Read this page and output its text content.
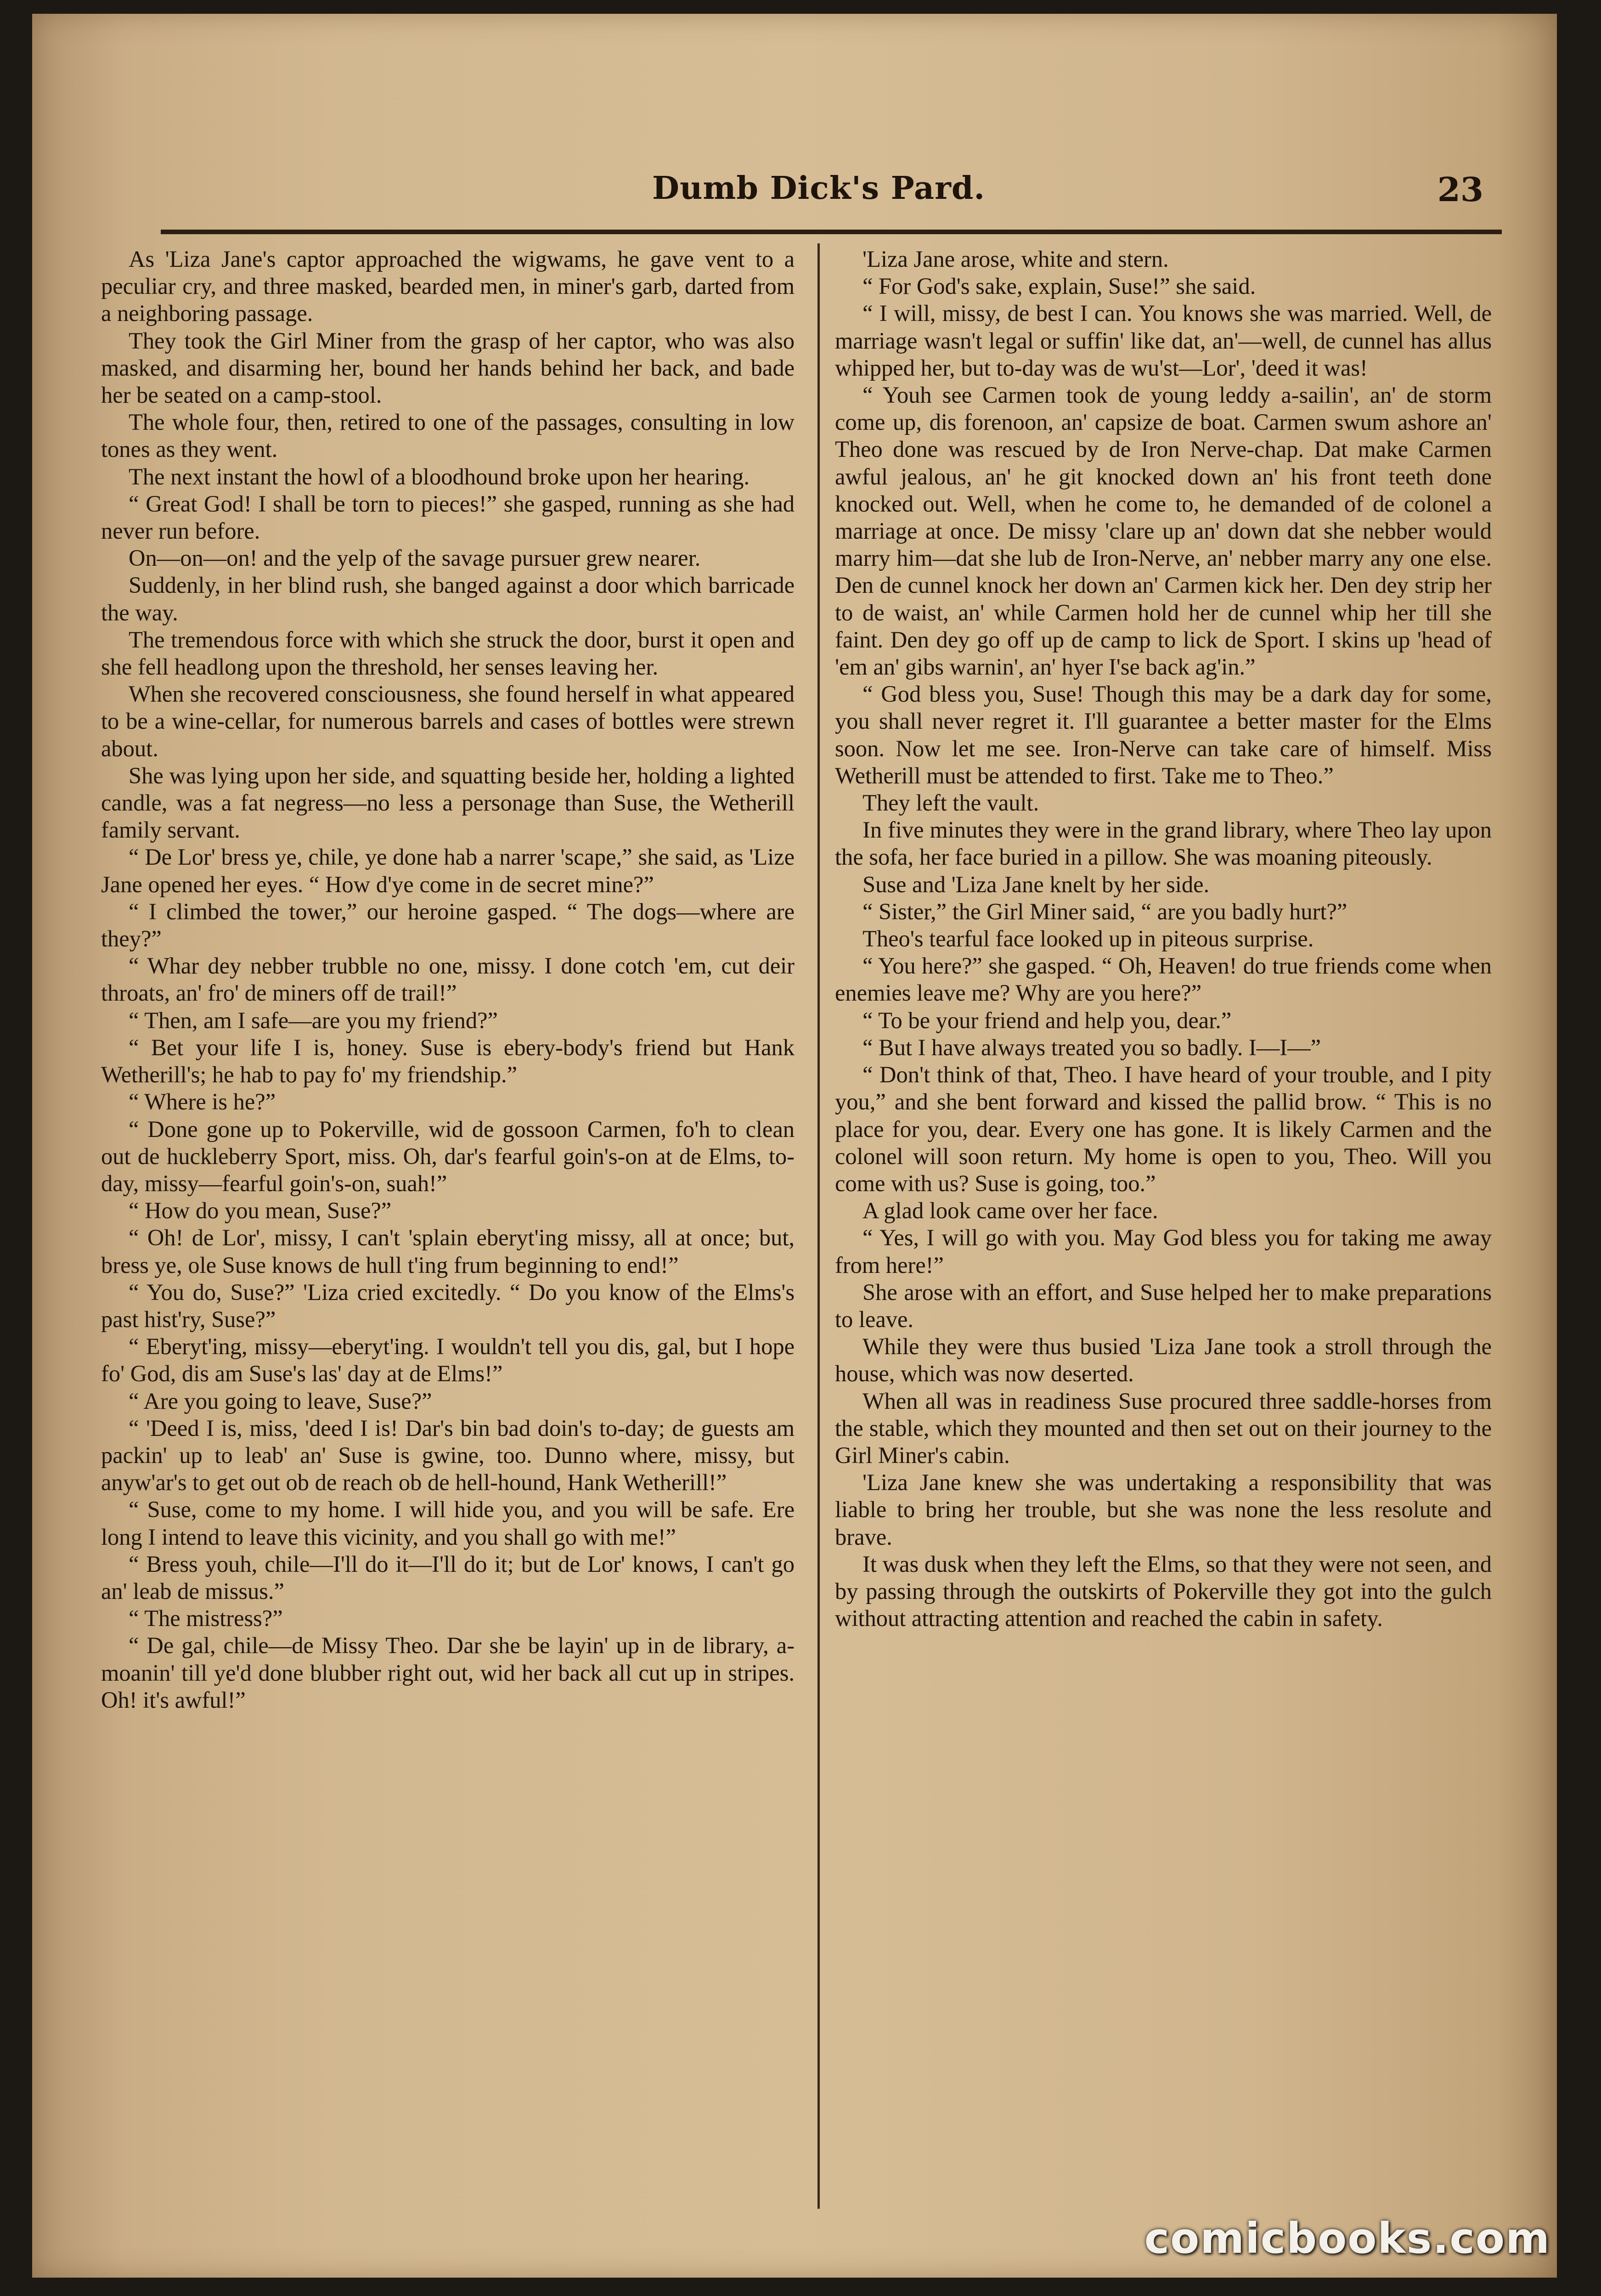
Dumb Dick's Pard.	23

As 'Liza Jane's captor approached the wigwams, he gave vent to a peculiar cry, and three masked, bearded men, in miner's garb, darted from a neighboring passage.

They took the Girl Miner from the grasp of her captor, who was also masked, and disarming her, bound her hands behind her back, and bade her be seated on a camp-stool.

The whole four, then, retired to one of the passages, consulting in low tones as they went.

The next instant the howl of a bloodhound broke upon her hearing.

“ Great God! I shall be torn to pieces!” she gasped, running as she had never run before.

On—on—on! and the yelp of the savage pursuer grew nearer.

Suddenly, in her blind rush, she banged against a door which barricade the way.

The tremendous force with which she struck the door, burst it open and she fell headlong upon the threshold, her senses leaving her.

When she recovered consciousness, she found herself in what appeared to be a wine-cellar, for numerous barrels and cases of bottles were strewn about.

She was lying upon her side, and squatting beside her, holding a lighted candle, was a fat negress—no less a personage than Suse, the Wetherill family servant.

“ De Lor' bress ye, chile, ye done hab a narrer 'scape,” she said, as 'Lize Jane opened her eyes. “ How d'ye come in de secret mine?”

“ I climbed the tower,” our heroine gasped. “ The dogs—where are they?”

“ Whar dey nebber trubble no one, missy. I done cotch 'em, cut deir throats, an' fro' de miners off de trail!”

“ Then, am I safe—are you my friend?”

“ Bet your life I is, honey. Suse is ebery-body's friend but Hank Wetherill's; he hab to pay fo' my friendship.”

“ Where is he?”

“ Done gone up to Pokerville, wid de gossoon Carmen, fo'h to clean out de huckleberry Sport, miss. Oh, dar's fearful goin's-on at de Elms, to-day, missy—fearful goin's-on, suah!”

“ How do you mean, Suse?”

“ Oh! de Lor', missy, I can't 'splain eberyt'ing missy, all at once; but, bress ye, ole Suse knows de hull t'ing frum beginning to end!”

“ You do, Suse?” 'Liza cried excitedly. “ Do you know of the Elms's past hist'ry, Suse?”

“ Eberyt'ing, missy—eberyt'ing. I wouldn't tell you dis, gal, but I hope fo' God, dis am Suse's las' day at de Elms!”

“ Are you going to leave, Suse?”

“ 'Deed I is, miss, 'deed I is! Dar's bin bad doin's to-day; de guests am packin' up to leab' an' Suse is gwine, too. Dunno where, missy, but anyw'ar's to get out ob de reach ob de hell-hound, Hank Wetherill!”

“ Suse, come to my home. I will hide you, and you will be safe. Ere long I intend to leave this vicinity, and you shall go with me!”

“ Bress youh, chile—I'll do it—I'll do it; but de Lor' knows, I can't go an' leab de missus.”

“ The mistress?”

“ De gal, chile—de Missy Theo. Dar she be layin' up in de library, a-moanin' till ye'd done blubber right out, wid her back all cut up in stripes. Oh! it's awful!”

'Liza Jane arose, white and stern.

“ For God's sake, explain, Suse!” she said.

“ I will, missy, de best I can. You knows she was married. Well, de marriage wasn't legal or suffin' like dat, an'—well, de cunnel has allus whipped her, but to-day was de wu'st—Lor', 'deed it was!

“ Youh see Carmen took de young leddy a-sailin', an' de storm come up, dis forenoon, an' capsize de boat. Carmen swum ashore an' Theo done was rescued by de Iron Nerve-chap. Dat make Carmen awful jealous, an' he git knocked down an' his front teeth done knocked out. Well, when he come to, he demanded of de colonel a marriage at once. De missy 'clare up an' down dat she nebber would marry him—dat she lub de Iron-Nerve, an' nebber marry any one else. Den de cunnel knock her down an' Carmen kick her. Den dey strip her to de waist, an' while Carmen hold her de cunnel whip her till she faint. Den dey go off up de camp to lick de Sport. I skins up 'head of 'em an' gibs warnin', an' hyer I'se back ag'in.”

“ God bless you, Suse! Though this may be a dark day for some, you shall never regret it. I'll guarantee a better master for the Elms soon. Now let me see. Iron-Nerve can take care of himself. Miss Wetherill must be attended to first. Take me to Theo.”

They left the vault.

In five minutes they were in the grand library, where Theo lay upon the sofa, her face buried in a pillow. She was moaning piteously.

Suse and 'Liza Jane knelt by her side.

“ Sister,” the Girl Miner said, “ are you badly hurt?”

Theo's tearful face looked up in piteous surprise.

“ You here?” she gasped. “ Oh, Heaven! do true friends come when enemies leave me? Why are you here?”

“ To be your friend and help you, dear.”

“ But I have always treated you so badly. I—I—”

“ Don't think of that, Theo. I have heard of your trouble, and I pity you,” and she bent forward and kissed the pallid brow. “ This is no place for you, dear. Every one has gone. It is likely Carmen and the colonel will soon return. My home is open to you, Theo. Will you come with us? Suse is going, too.”

A glad look came over her face.

“ Yes, I will go with you. May God bless you for taking me away from here!”

She arose with an effort, and Suse helped her to make preparations to leave.

While they were thus busied 'Liza Jane took a stroll through the house, which was now deserted.

When all was in readiness Suse procured three saddle-horses from the stable, which they mounted and then set out on their journey to the Girl Miner's cabin.

'Liza Jane knew she was undertaking a responsibility that was liable to bring her trouble, but she was none the less resolute and brave.

It was dusk when they left the Elms, so that they were not seen, and by passing through the outskirts of Pokerville they got into the gulch without attracting attention and reached the cabin in safety.

comicbooks.com
